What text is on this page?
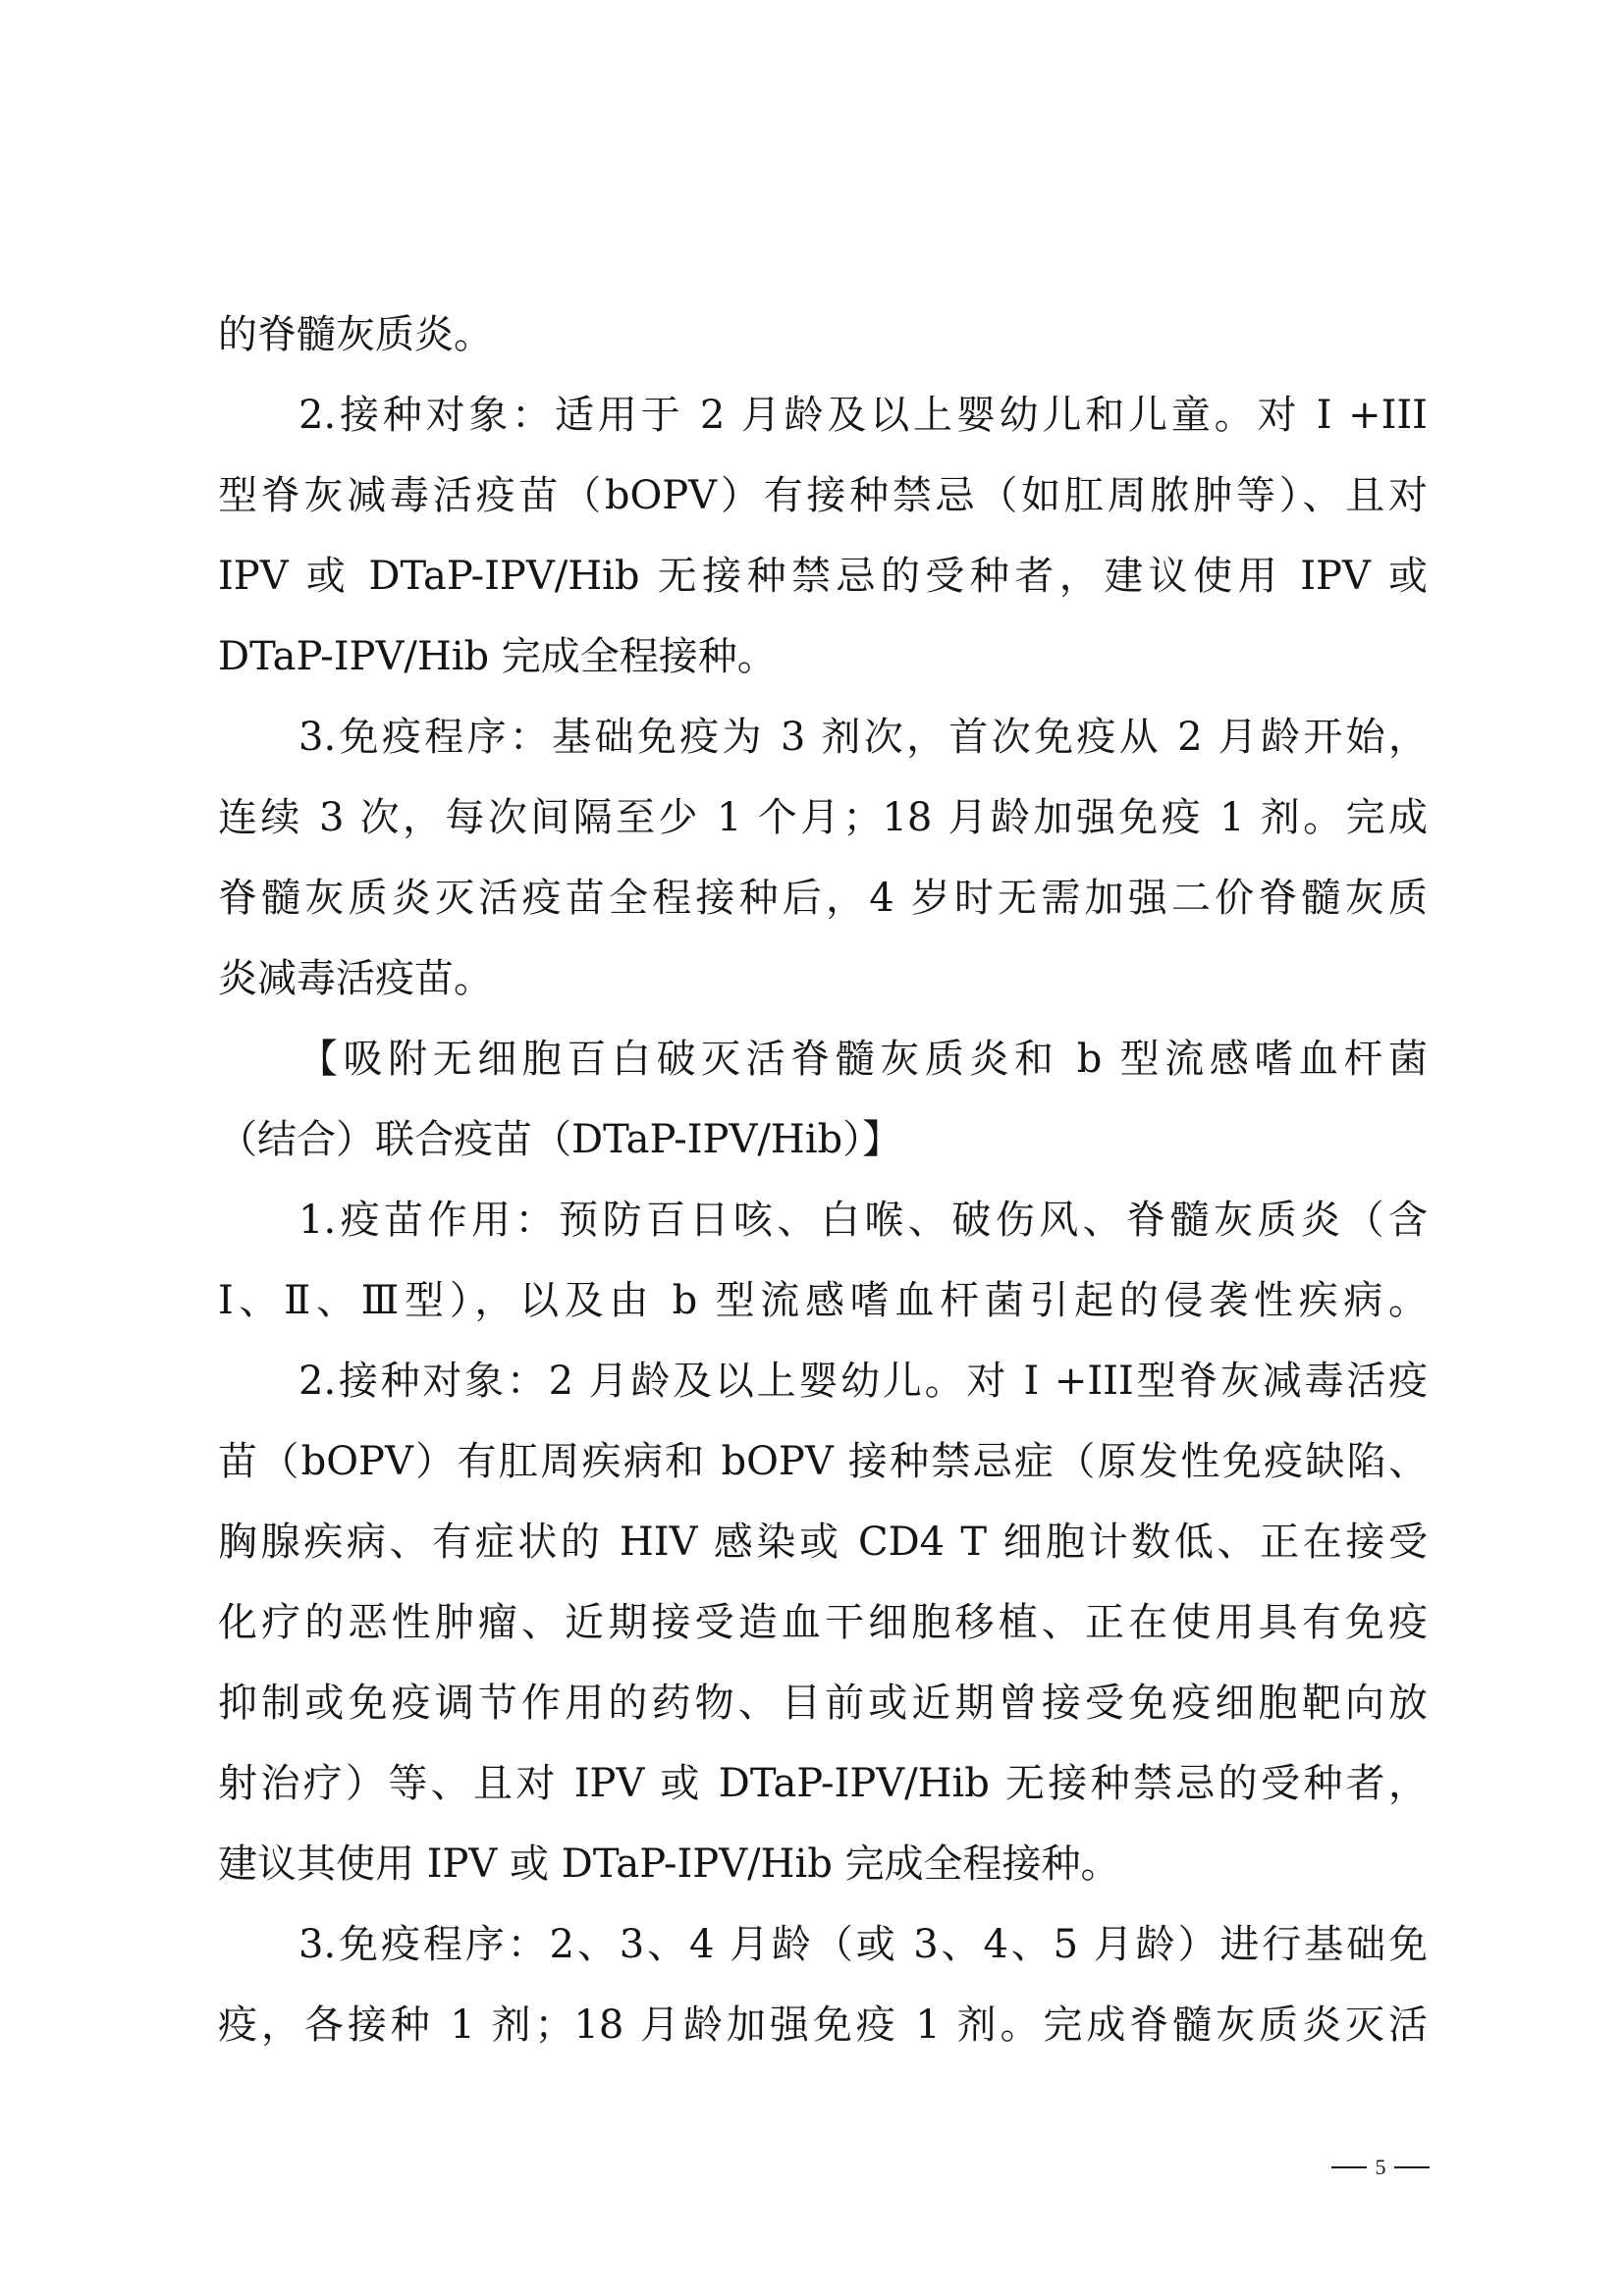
的脊髓灰质炎。
2.接种对象：适用于 2 月龄及以上婴幼儿和儿童。对 I +III
型脊灰减毒活疫苗（bOPV）有接种禁忌（如肛周脓肿等）、且对
IPV 或 DTaP-IPV/Hib 无接种禁忌的受种者，建议使用 IPV 或
DTaP-IPV/Hib 完成全程接种。
3.免疫程序：基础免疫为 3 剂次，首次免疫从 2 月龄开始，
连续 3 次，每次间隔至少 1 个月；18 月龄加强免疫 1 剂。完成
脊髓灰质炎灭活疫苗全程接种后，4 岁时无需加强二价脊髓灰质
炎减毒活疫苗。
【吸附无细胞百白破灭活脊髓灰质炎和 b 型流感嗜血杆菌
（结合）联合疫苗（DTaP-IPV/Hib）】
1.疫苗作用：预防百日咳、白喉、破伤风、脊髓灰质炎（含
Ⅰ、Ⅱ、Ⅲ型），以及由 b 型流感嗜血杆菌引起的侵袭性疾病。
2.接种对象：2 月龄及以上婴幼儿。对 I +III型脊灰减毒活疫
苗（bOPV）有肛周疾病和 bOPV 接种禁忌症（原发性免疫缺陷、
胸腺疾病、有症状的 HIV 感染或 CD4 T 细胞计数低、正在接受
化疗的恶性肿瘤、近期接受造血干细胞移植、正在使用具有免疫
抑制或免疫调节作用的药物、目前或近期曾接受免疫细胞靶向放
射治疗）等、且对 IPV 或 DTaP-IPV/Hib 无接种禁忌的受种者，
建议其使用 IPV 或 DTaP-IPV/Hib 完成全程接种。
3.免疫程序：2、3、4 月龄（或 3、4、5 月龄）进行基础免
疫，各接种 1 剂；18 月龄加强免疫 1 剂。完成脊髓灰质炎灭活
5
